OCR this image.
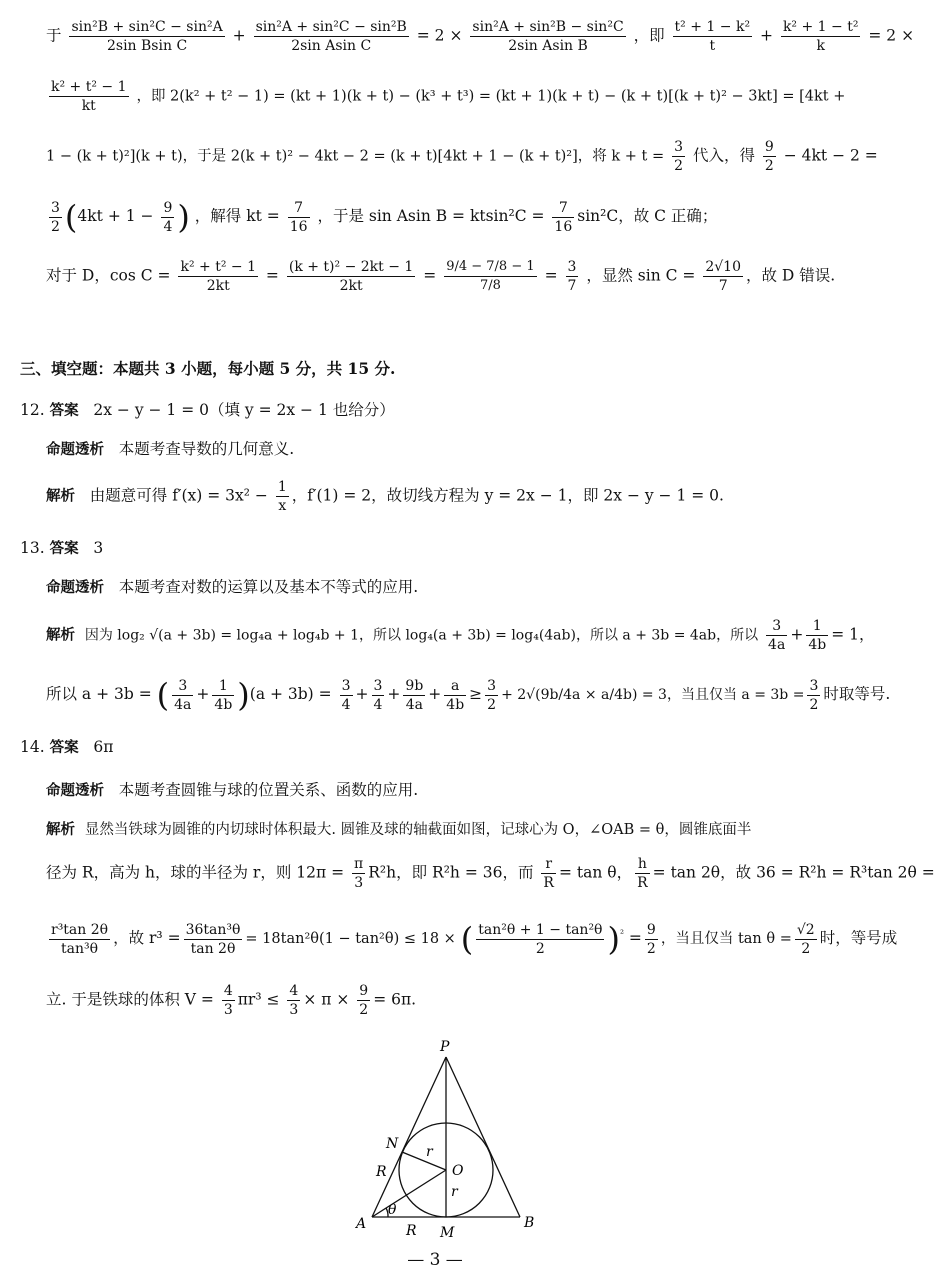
于 $\frac{\text{sin²B + sin²C − sin²A}}{\text{2sin Bsin C}} + \frac{\text{sin²A + sin²C − sin²B}}{\text{2sin Asin C}} = 2 \times \frac{\text{sin²A + sin²B − sin²C}}{\text{2sin Asin B}}$ ，即 $\frac{\text{t² + 1 − k²}}{t} + \frac{\text{k² + 1 − t²}}{k} = 2$ ×
$\frac{\text{k² + t² − 1}}{kt}$ ，即 2(k² + t² − 1) = (kt + 1)(k + t) − (k³ + t³) = (kt + 1)(k + t) − (k + t)[(k + t)² − 3kt] = [4kt +
1 − (k + t)²](k + t)，于是 2(k + t)² − 4kt − 2 = (k + t)[4kt + 1 − (k + t)²]，将 $k + t = \frac{3}{2}$ 代入，得 $\frac{9}{2} - 4kt - 2$ =
$\frac{3}{2} (4kt + 1 - \frac{9}{4}$ ) ，解得 kt = $\frac{7}{16}$ ，于是 sin Asin $B = ktsin^2C = \frac{7}{16} \sin^2C$，故 C 正确；
对于 D，$\cos C = \frac{\text{k² + t² − 1}}{2kt} = \frac{\text{(k + t)² − 2kt − 1}}{2kt} = \frac{9/4 - 7/8 - 1}{7/8} = \frac{3}{7}$ ，显然 $\sin C = \frac{2√10}{7}$ ，故 D 错误.
三、填空题：本题共 3 小题，每小题 5 分，共 15 分.
12. 答案 2x − y − 1 = 0（填 y = 2x − 1 也给分）
命题透析 本题考查导数的几何意义.
解析 由题意可得 $f'(x) = 3x^2 - \frac{1}{x}$ ，f′(1) = 2，故切线方程为 y = 2x − 1，即 2x − y − 1 = 0.
13. 答案 3
命题透析 本题考查对数的运算以及基本不等式的应用.
解析 因为 log₂ √(a + 3b) = log₄a + log₄b + 1，所以 log₄(a + 3b) = log₄(4ab)，所以 a + 3b = 4ab，所以 $\frac{3}{4a} + \frac{1}{4b} = 1$，
所以 a + 3b = ( $\frac{3}{4a} + \frac{1}{4b} )(a + 3b) = \frac{3}{4} + \frac{3}{4} + \frac{9b}{4a} + \frac{a}{4b} \ge \frac{3}{2} + 2√(9b/4a \times a/4b) = 3$，当且仅当 $a = 3b = \frac{3}{2}$ 时取等号.
14. 答案 6π
命题透析 本题考查圆锥与球的位置关系、函数的应用.
解析 显然当铁球为圆锥的内切球时体积最大. 圆锥及球的轴截面如图，记球心为 O，∠OAB = θ，圆锥底面半
径为 R，高为 h，球的半径为 r，则 $12\pi = \frac{\pi}{3} R^2h$，即 R²h = 36，而 $\frac{r}{R} = \tan \theta$， $\frac{h}{R} = \tan 2\theta$，故 36 = R²h = R³tan 2θ =
$\frac{\text{r³tan 2θ}}{\text{tan³θ}}$ ，故 $r^3 = \frac{\text{36tan³θ}}{\tan 2\theta} = 18\tan^2\theta(1 - \tan^2\theta) \le 18$ × ( $\frac{\text{tan²θ + 1 − tan²θ}}{2} )^{^2} = \frac{9}{2}$ ，当且仅当 $\tan \theta = \frac{√2}{2}$ 时，等号成
立. 于是铁球的体积 $V = \frac{4}{3} \pi r^3 \le \frac{4}{3} \times \pi \times \frac{9}{2} = 6\pi$.
P
N r
O
R
r
θ
A	B
R M
— 3 —
